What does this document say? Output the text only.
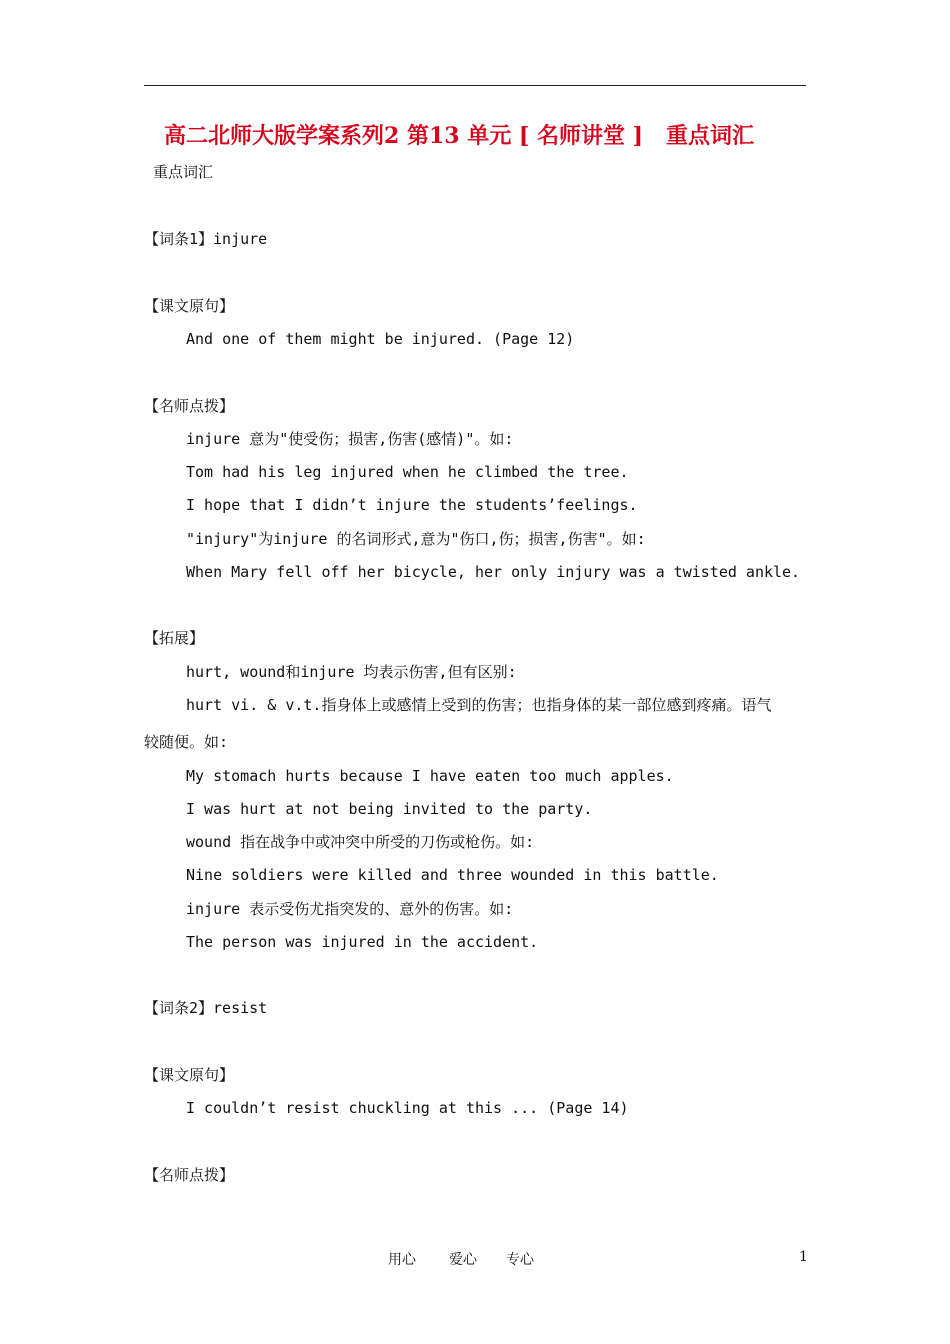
高二北师大版学案系列2 第13 单元 [ 名师讲堂 ]   重点词汇
重点词汇
【词条1】injure
【课文原句】
And one of them might be injured. (Page 12)
【名师点拨】
injure 意为"使受伤；损害,伤害(感情)"。如:
Tom had his leg injured when he climbed the tree.
I hope that I didn’t injure the students’feelings.
"injury"为injure 的名词形式,意为"伤口,伤；损害,伤害"。如:
When Mary fell off her bicycle, her only injury was a twisted ankle.
【拓展】
hurt, wound和injure 均表示伤害,但有区别:
hurt vi. & v.t.指身体上或感情上受到的伤害；也指身体的某一部位感到疼痛。语气
较随便。如:
My stomach hurts because I have eaten too much apples.
I was hurt at not being invited to the party.
wound 指在战争中或冲突中所受的刀伤或枪伤。如:
Nine soldiers were killed and three wounded in this battle.
injure 表示受伤尤指突发的、意外的伤害。如:
The person was injured in the accident.
【词条2】resist
【课文原句】
I couldn’t resist chuckling at this ... (Page 14)
【名师点拨】
用心 爱心 专心	1
